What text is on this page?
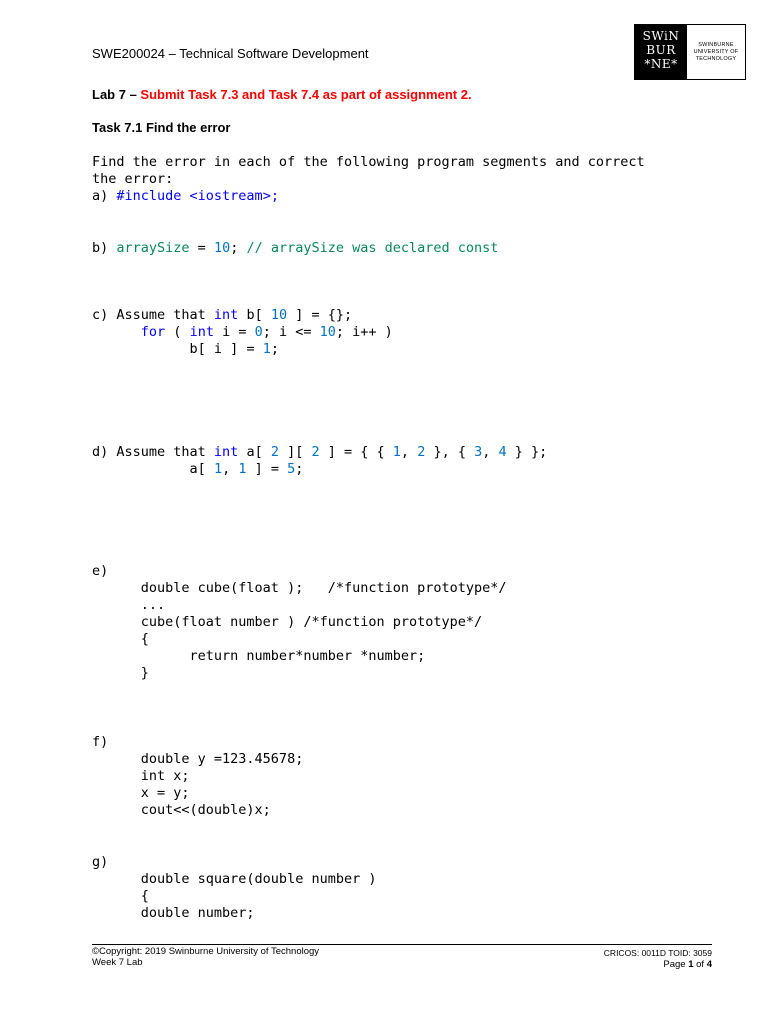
SWE200024 – Technical Software Development
SWiN
BUR
*NE*
SWINBURNE
UNIVERSITY OF
TECHNOLOGY
Lab 7 – Submit Task 7.3 and Task 7.4 as part of assignment 2.
Task 7.1 Find the error
Find the error in each of the following program segments and correct
the error:
a) #include <iostream>;
b) arraySize = 10; // arraySize was declared const
c) Assume that int b[ 10 ] = {};
for ( int i = 0; i <= 10; i++ )
b[ i ] = 1;
d) Assume that int a[ 2 ][ 2 ] = { { 1, 2 }, { 3, 4 } };
a[ 1, 1 ] = 5;
e)
double cube(float );   /*function prototype*/
...
cube(float number ) /*function prototype*/
{
return number*number *number;
}
f)
double y =123.45678;
int x;
x = y;
cout<<(double)x;
g)
double square(double number )
{
double number;
©Copyright: 2019 Swinburne University of Technology
Week 7 Lab
CRICOS: 0011D TOID: 3059
Page 1 of 4
